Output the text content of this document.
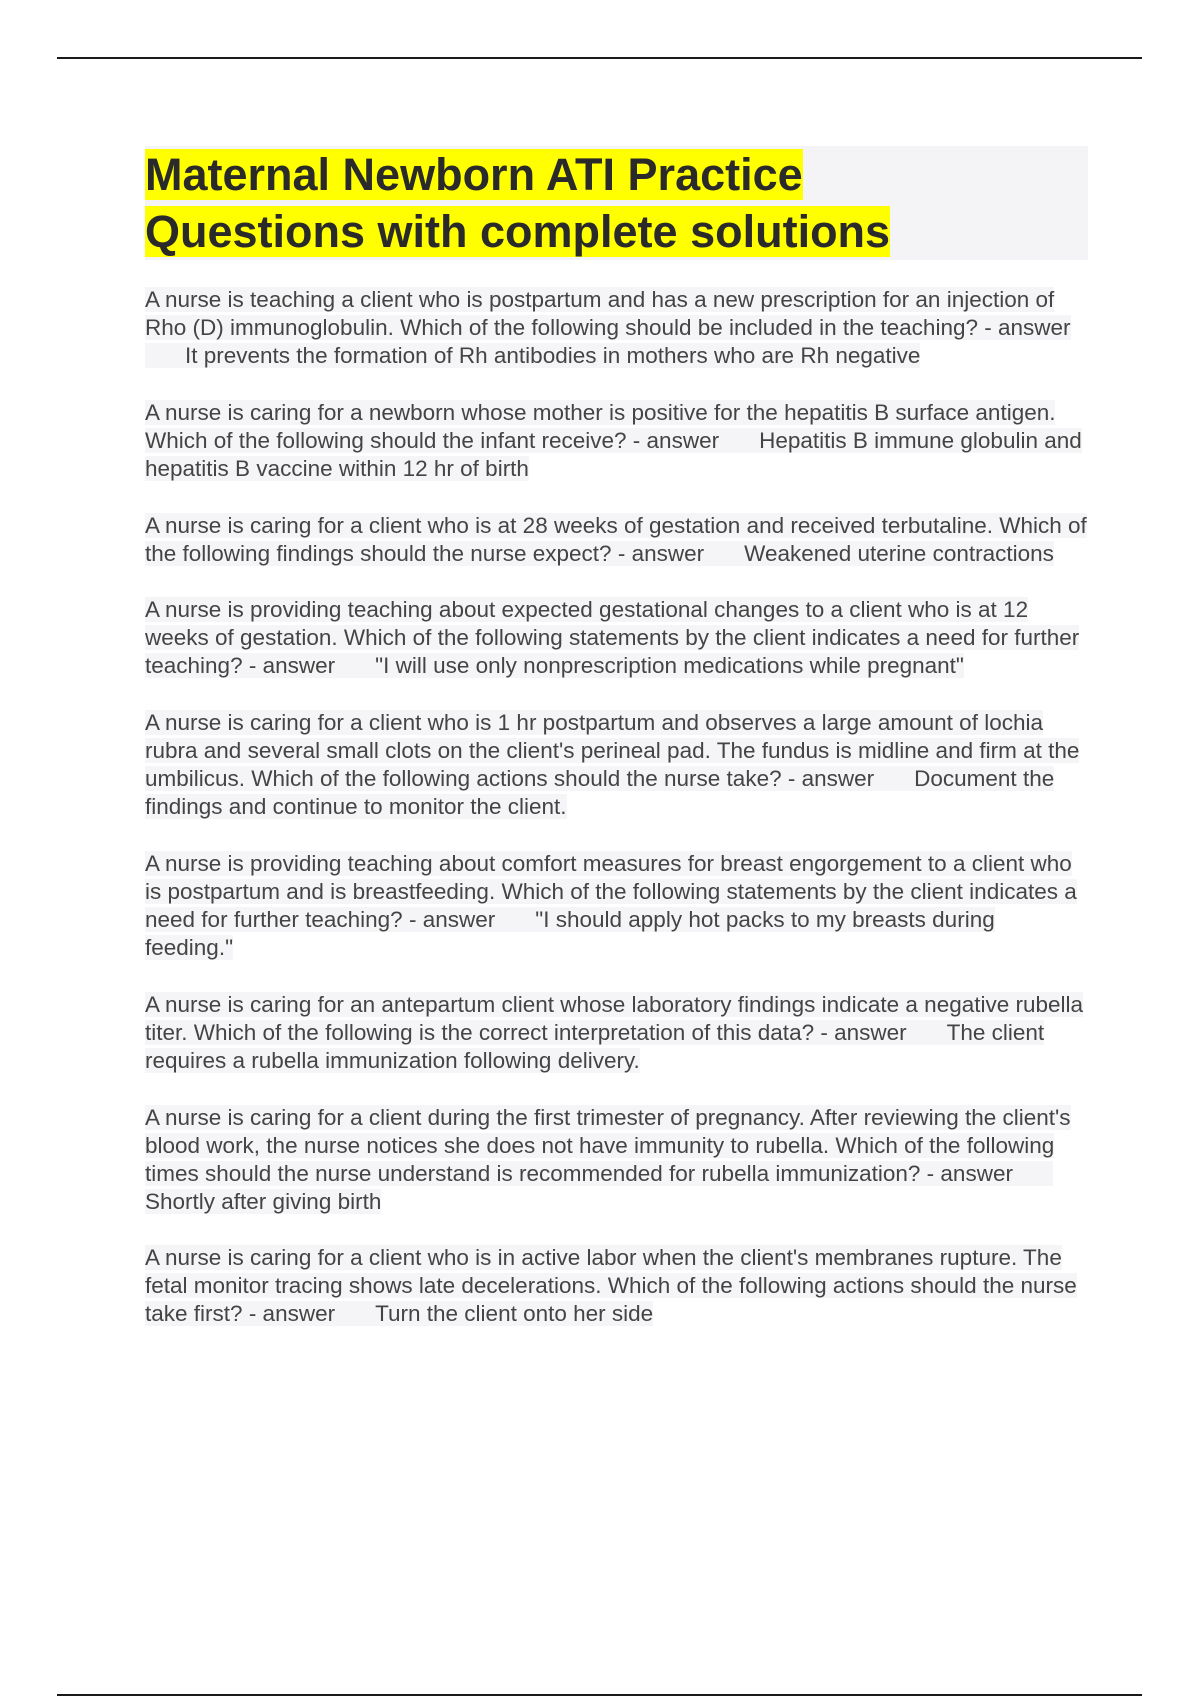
Maternal Newborn ATI Practice
Questions with complete solutions
A nurse is teaching a client who is postpartum and has a new prescription for an injection of Rho (D) immunoglobulin. Which of the following should be included in the teaching? - answerIt prevents the formation of Rh antibodies in mothers who are Rh negative
A nurse is caring for a newborn whose mother is positive for the hepatitis B surface antigen. Which of the following should the infant receive? - answer Hepatitis B immune globulin and hepatitis B vaccine within 12 hr of birth
A nurse is caring for a client who is at 28 weeks of gestation and received terbutaline. Which of the following findings should the nurse expect? - answer Weakened uterine contractions
A nurse is providing teaching about expected gestational changes to a client who is at 12 weeks of gestation. Which of the following statements by the client indicates a need for further teaching? - answer "I will use only nonprescription medications while pregnant"
A nurse is caring for a client who is 1 hr postpartum and observes a large amount of lochia rubra and several small clots on the client's perineal pad. The fundus is midline and firm at the umbilicus. Which of the following actions should the nurse take? - answer Document the findings and continue to monitor the client.
A nurse is providing teaching about comfort measures for breast engorgement to a client who is postpartum and is breastfeeding. Which of the following statements by the client indicates a need for further teaching? - answer "I should apply hot packs to my breasts during feeding."
A nurse is caring for an antepartum client whose laboratory findings indicate a negative rubella titer. Which of the following is the correct interpretation of this data? - answer The client requires a rubella immunization following delivery.
A nurse is caring for a client during the first trimester of pregnancy. After reviewing the client's blood work, the nurse notices she does not have immunity to rubella. Which of the following times should the nurse understand is recommended for rubella immunization? - answerShortly after giving birth
A nurse is caring for a client who is in active labor when the client's membranes rupture. The fetal monitor tracing shows late decelerations. Which of the following actions should the nurse take first? - answer Turn the client onto her side
